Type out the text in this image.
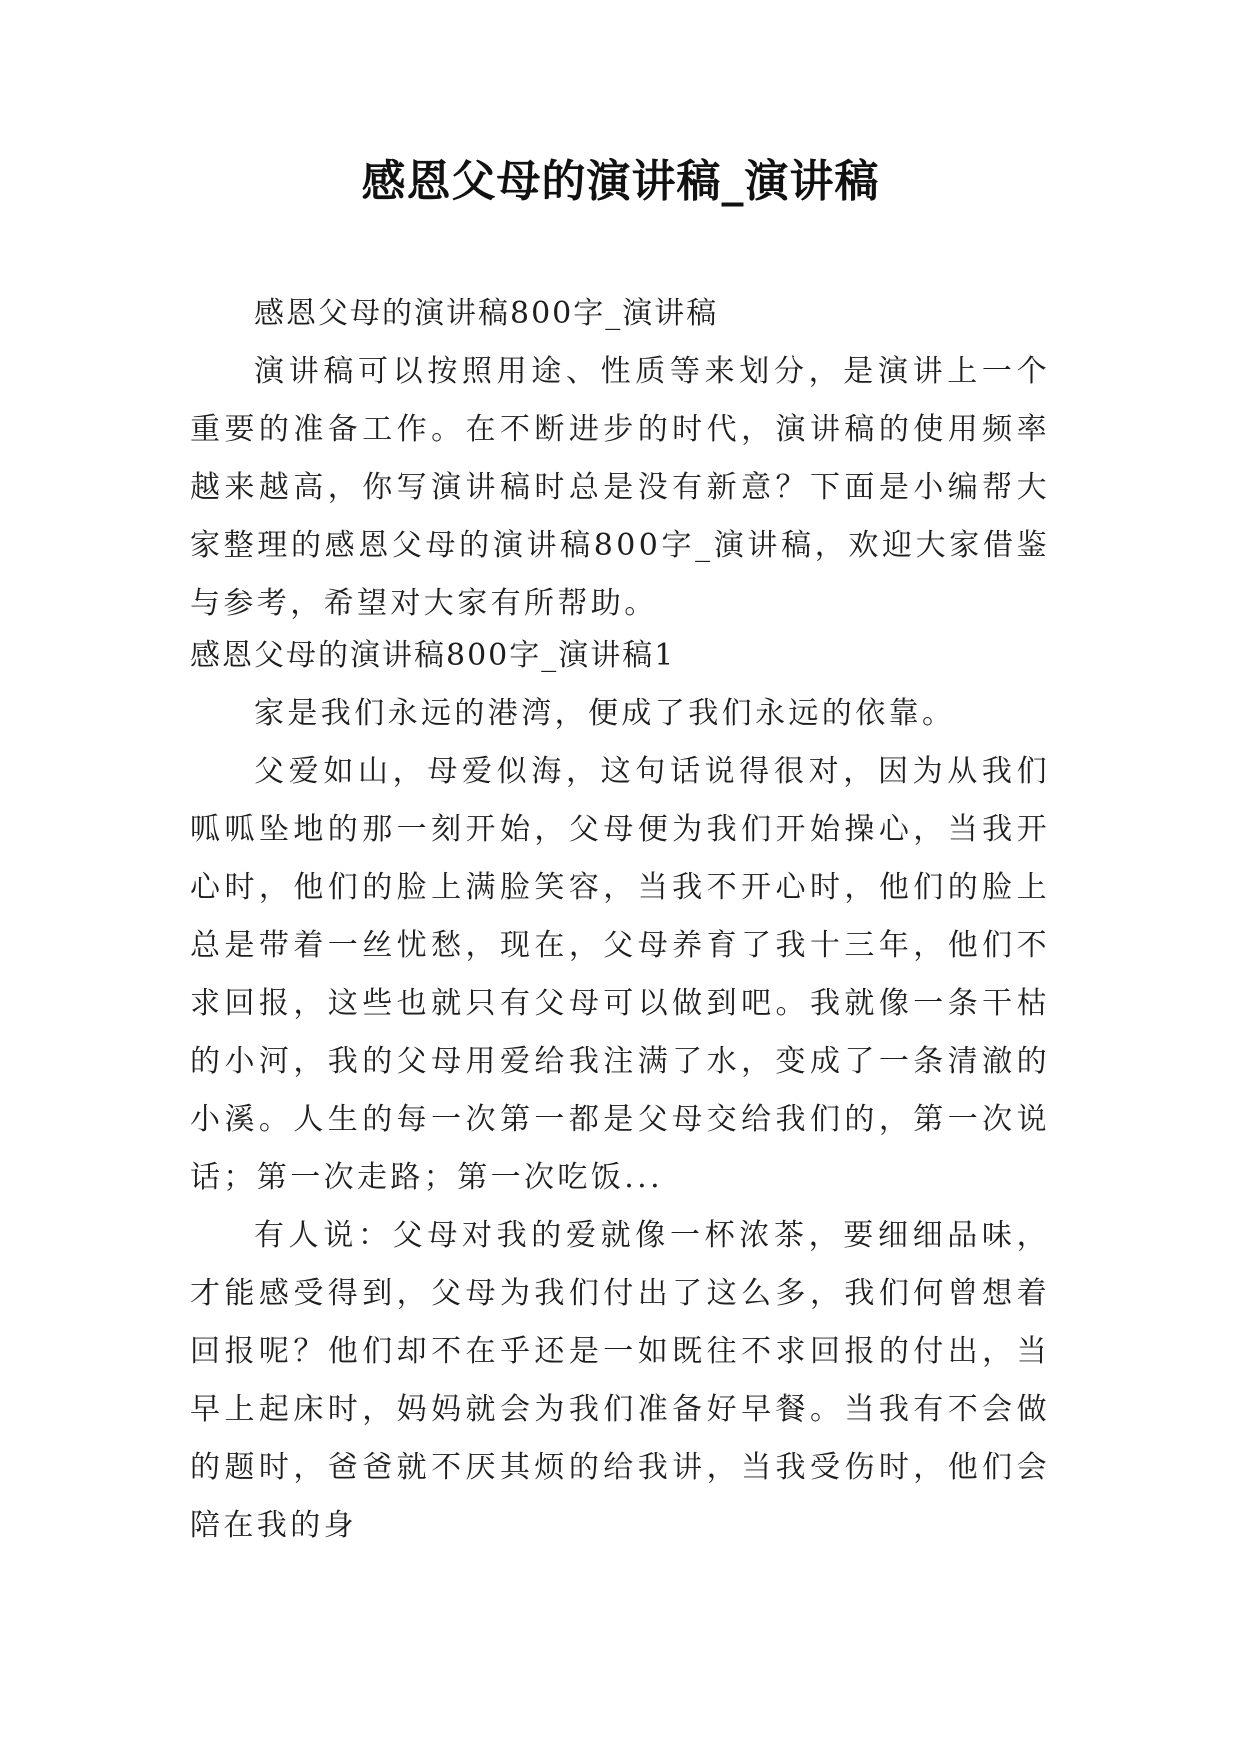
感恩父母的演讲稿_演讲稿

感恩父母的演讲稿800字_演讲稿

演讲稿可以按照用途、性质等来划分，是演讲上一个重要的准备工作。在不断进步的时代，演讲稿的使用频率越来越高，你写演讲稿时总是没有新意？下面是小编帮大家整理的感恩父母的演讲稿800字_演讲稿，欢迎大家借鉴与参考，希望对大家有所帮助。

感恩父母的演讲稿800字_演讲稿1

家是我们永远的港湾，便成了我们永远的依靠。

父爱如山，母爱似海，这句话说得很对，因为从我们呱呱坠地的那一刻开始，父母便为我们开始操心，当我开心时，他们的脸上满脸笑容，当我不开心时，他们的脸上总是带着一丝忧愁，现在，父母养育了我十三年，他们不求回报，这些也就只有父母可以做到吧。我就像一条干枯的小河，我的父母用爱给我注满了水，变成了一条清澈的小溪。人生的每一次第一都是父母交给我们的，第一次说话；第一次走路；第一次吃饭...

有人说：父母对我的爱就像一杯浓茶，要细细品味，才能感受得到，父母为我们付出了这么多，我们何曾想着回报呢？他们却不在乎还是一如既往不求回报的付出，当早上起床时，妈妈就会为我们准备好早餐。当我有不会做的题时，爸爸就不厌其烦的给我讲，当我受伤时，他们会陪在我的身
